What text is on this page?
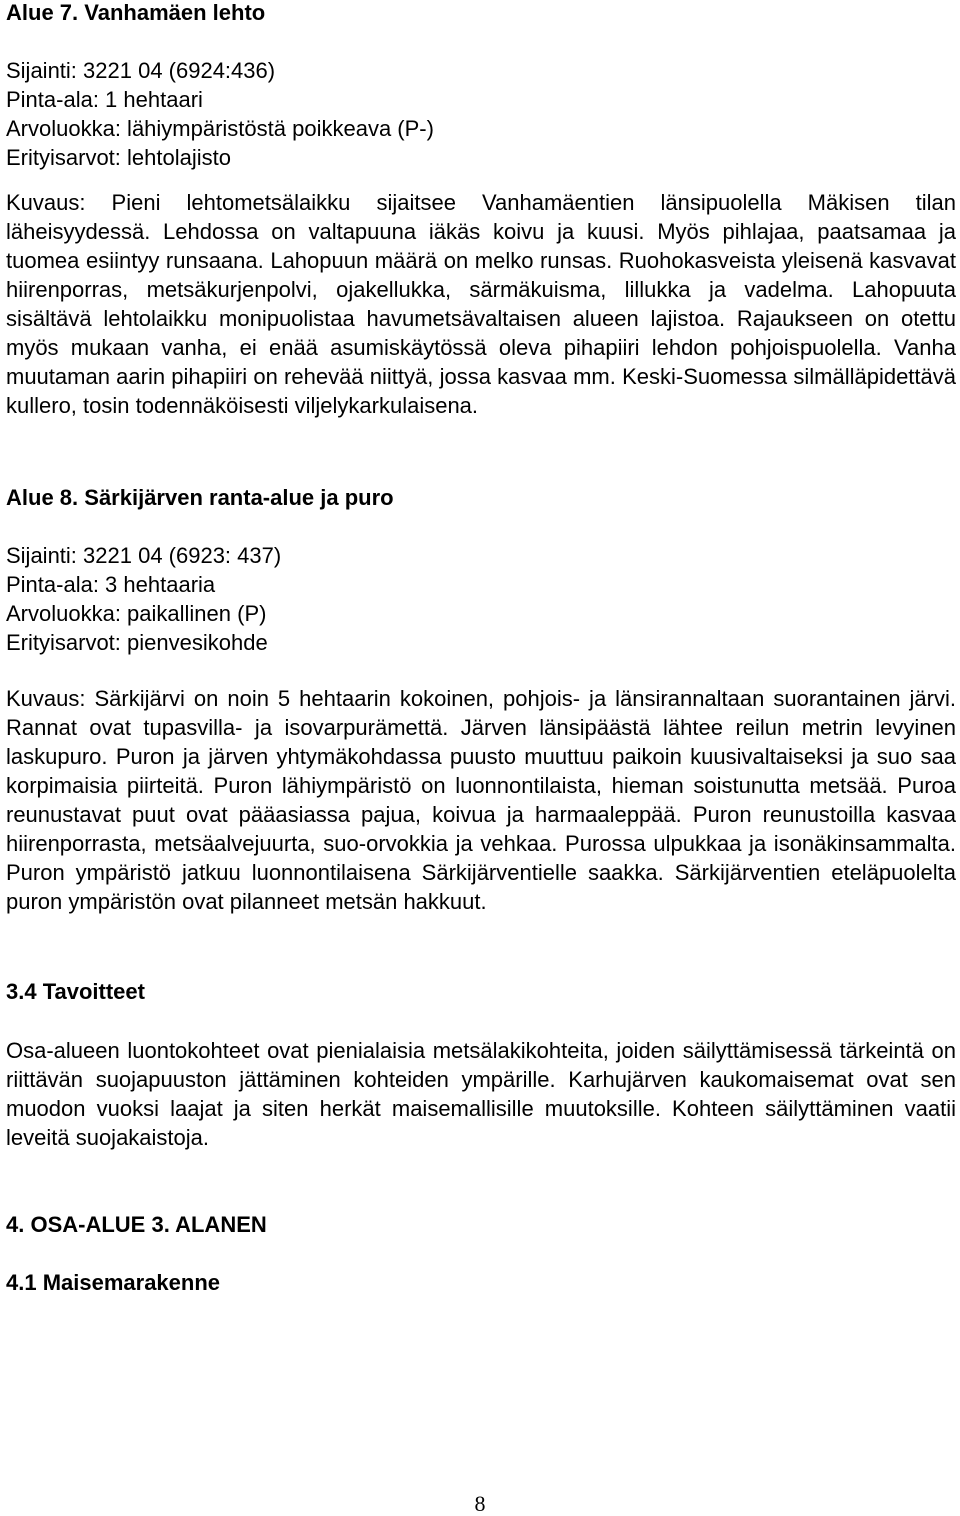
Alue 7. Vanhamäen lehto
Sijainti: 3221 04 (6924:436)
Pinta-ala: 1 hehtaari
Arvoluokka: lähiympäristöstä poikkeava (P-)
Erityisarvot: lehtolajisto

Kuvaus: Pieni lehtometsälaikku sijaitsee Vanhamäentien länsipuolella Mäkisen tilan läheisyydessä. Lehdossa on valtapuuna iäkäs koivu ja kuusi. Myös pihlajaa, paatsamaa ja tuomea esiintyy runsaana. Lahopuun määrä on melko runsas. Ruohokasveista yleisenä kasvavat hiirenporras, metsäkurjenpolvi, ojakellukka, särmäkuisma, lillukka ja vadelma. Lahopuuta sisältävä lehtolaikku monipuolistaa havumetsävaltaisen alueen lajistoa. Rajaukseen on otettu myös mukaan vanha, ei enää asumiskäytössä oleva pihapiiri lehdon pohjoispuolella. Vanha muutaman aarin pihapiiri on rehevää niittyä, jossa kasvaa mm. Keski-Suomessa silmälläpidettävä kullero, tosin todennäköisesti viljelykarkulaisena.

Alue 8. Särkijärven ranta-alue ja puro
Sijainti: 3221 04 (6923: 437)
Pinta-ala: 3 hehtaaria
Arvoluokka: paikallinen (P)
Erityisarvot: pienvesikohde

Kuvaus: Särkijärvi on noin 5 hehtaarin kokoinen, pohjois- ja länsirannaltaan suorantainen järvi. Rannat ovat tupasvilla- ja isovarpurämettä. Järven länsipäästä lähtee reilun metrin levyinen laskupuro. Puron ja järven yhtymäkohdassa puusto muuttuu paikoin kuusivaltaiseksi ja suo saa korpimaisia piirteitä. Puron lähiympäristö on luonnontilaista, hieman soistunutta metsää. Puroa reunustavat puut ovat pääasiassa pajua, koivua ja harmaaleppää. Puron reunustoilla kasvaa hiirenporrasta, metsäalvejuurta, suo-orvokkia ja vehkaa. Purossa ulpukkaa ja isonäkinsammalta. Puron ympäristö jatkuu luonnontilaisena Särkijärventielle saakka. Särkijärventien eteläpuolelta puron ympäristön ovat pilanneet metsän hakkuut.

3.4 Tavoitteet

Osa-alueen luontokohteet ovat pienialaisia metsälakikohteita, joiden säilyttämisessä tärkeintä on riittävän suojapuuston jättäminen kohteiden ympärille. Karhujärven kaukomaisemat ovat sen muodon vuoksi laajat ja siten herkät maisemallisille muutoksille. Kohteen säilyttäminen vaatii leveitä suojakaistoja.

4. OSA-ALUE 3. ALANEN
4.1 Maisemarakenne
8
